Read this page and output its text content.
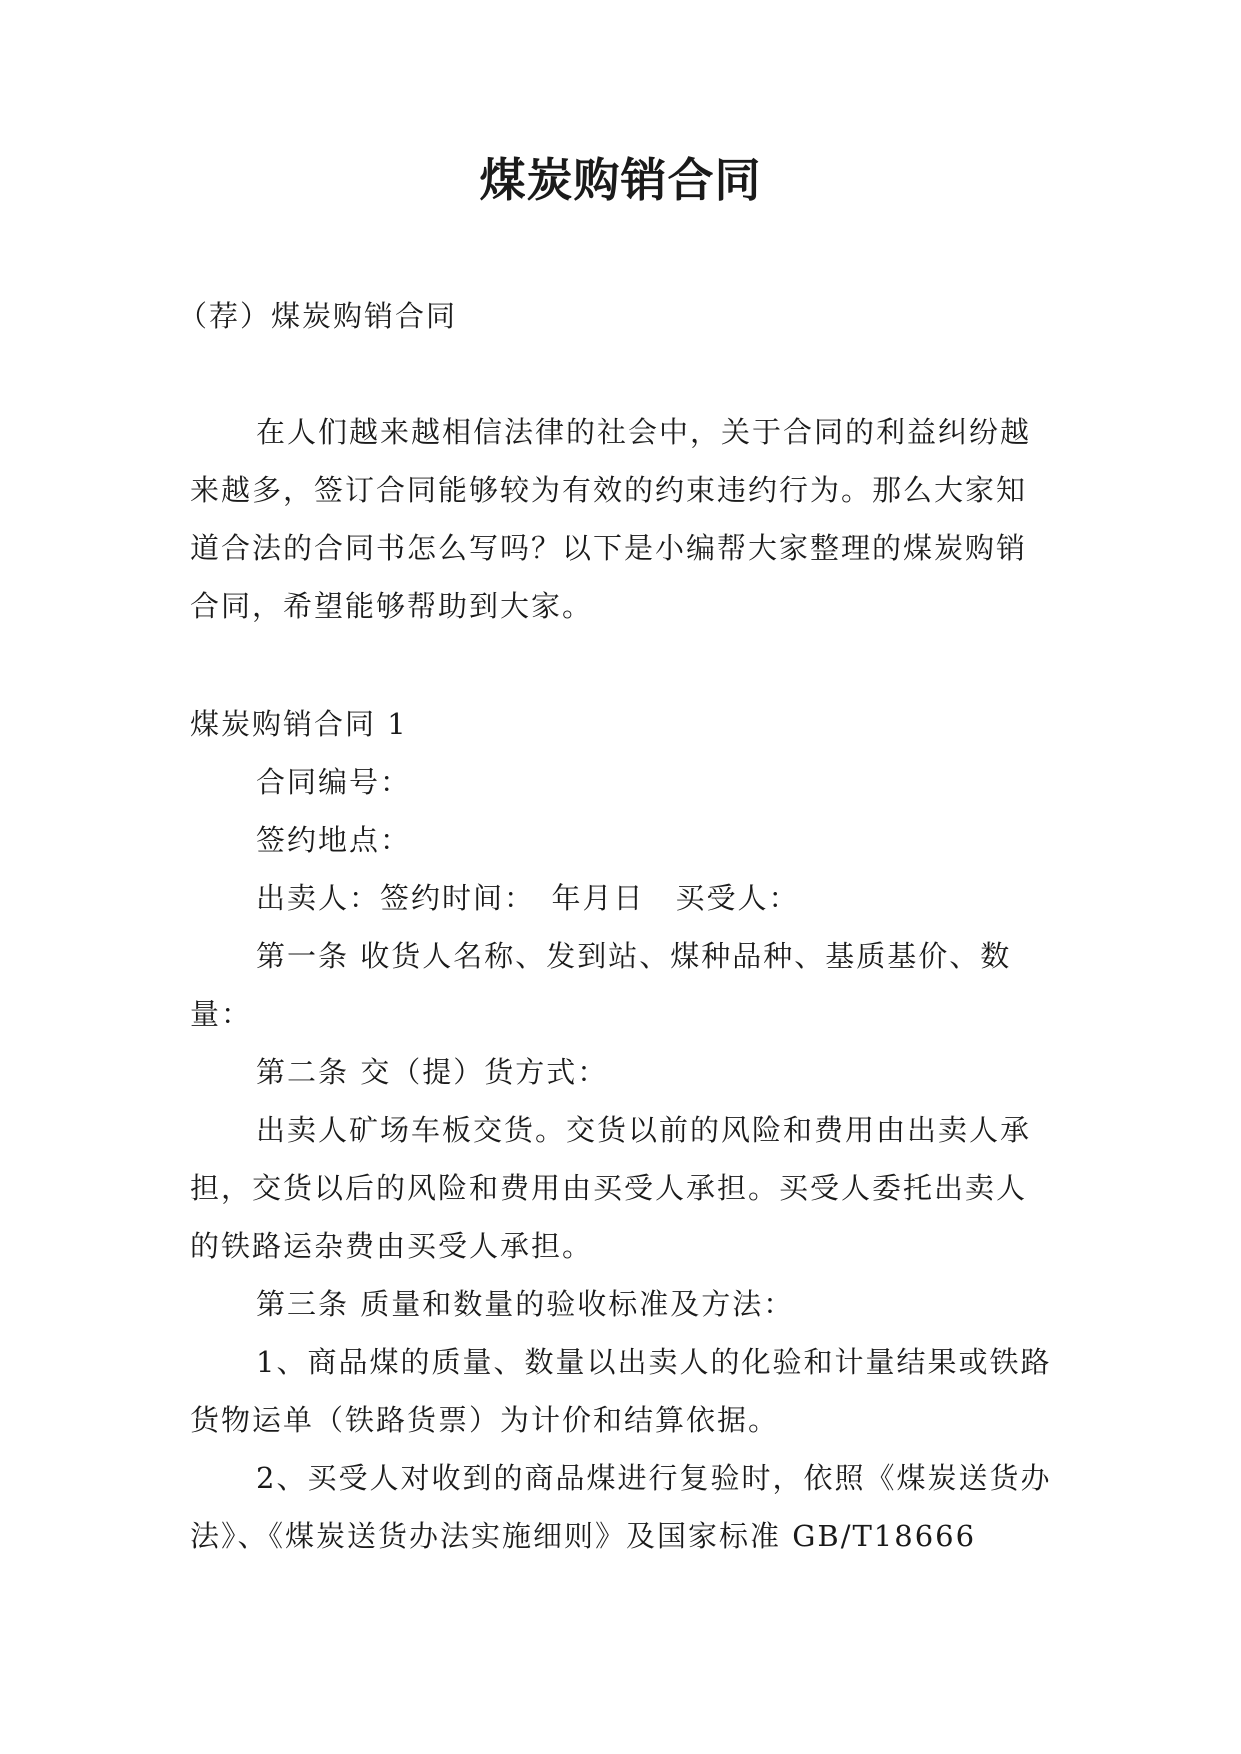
煤炭购销合同

（荐）煤炭购销合同

在人们越来越相信法律的社会中，关于合同的利益纠纷越来越多，签订合同能够较为有效的约束违约行为。那么大家知道合法的合同书怎么写吗？以下是小编帮大家整理的煤炭购销合同，希望能够帮助到大家。

煤炭购销合同 1

合同编号：

签约地点：

出卖人：签约时间：　年月日　买受人：

第一条 收货人名称、发到站、煤种品种、基质基价、数量：

第二条 交（提）货方式：

出卖人矿场车板交货。交货以前的风险和费用由出卖人承担，交货以后的风险和费用由买受人承担。买受人委托出卖人的铁路运杂费由买受人承担。

第三条 质量和数量的验收标准及方法：

1、商品煤的质量、数量以出卖人的化验和计量结果或铁路货物运单（铁路货票）为计价和结算依据。

2、买受人对收到的商品煤进行复验时，依照《煤炭送货办法》、《煤炭送货办法实施细则》及国家标准 GB/T18666
